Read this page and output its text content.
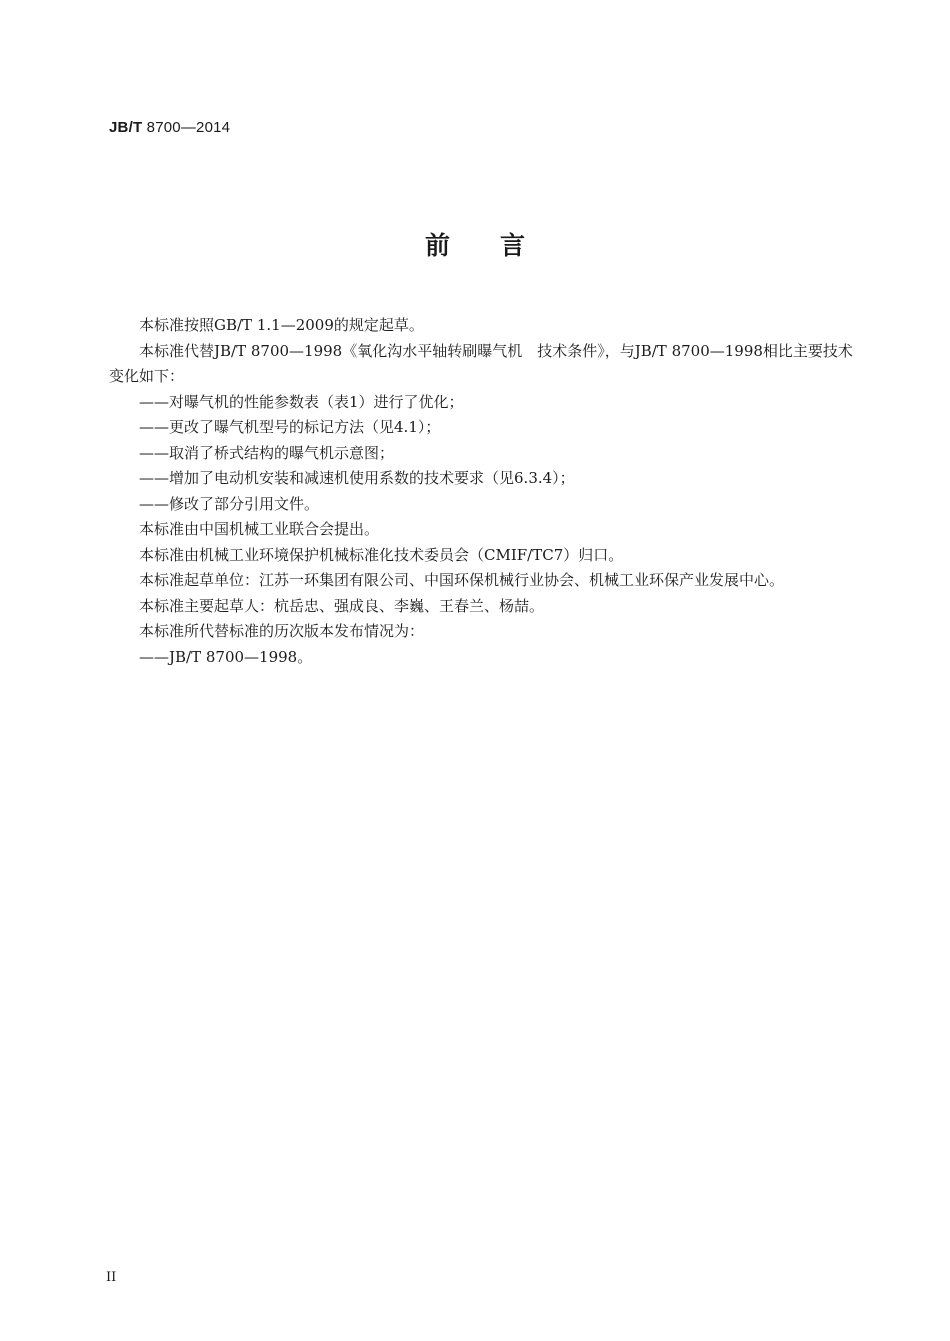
JB/T 8700—2014
前言

本标准按照GB/T 1.1—2009的规定起草。

本标准代替JB/T 8700—1998《氧化沟水平轴转刷曝气机　技术条件》，与JB/T 8700—1998相比主要技术变化如下：

——对曝气机的性能参数表（表1）进行了优化；

——更改了曝气机型号的标记方法（见4.1）；

——取消了桥式结构的曝气机示意图；

——增加了电动机安装和减速机使用系数的技术要求（见6.3.4）；

——修改了部分引用文件。

本标准由中国机械工业联合会提出。

本标准由机械工业环境保护机械标准化技术委员会（CMIF/TC7）归口。

本标准起草单位：江苏一环集团有限公司、中国环保机械行业协会、机械工业环保产业发展中心。

本标准主要起草人：杭岳忠、强成良、李巍、王春兰、杨喆。

本标准所代替标准的历次版本发布情况为：

——JB/T 8700—1998。

II
